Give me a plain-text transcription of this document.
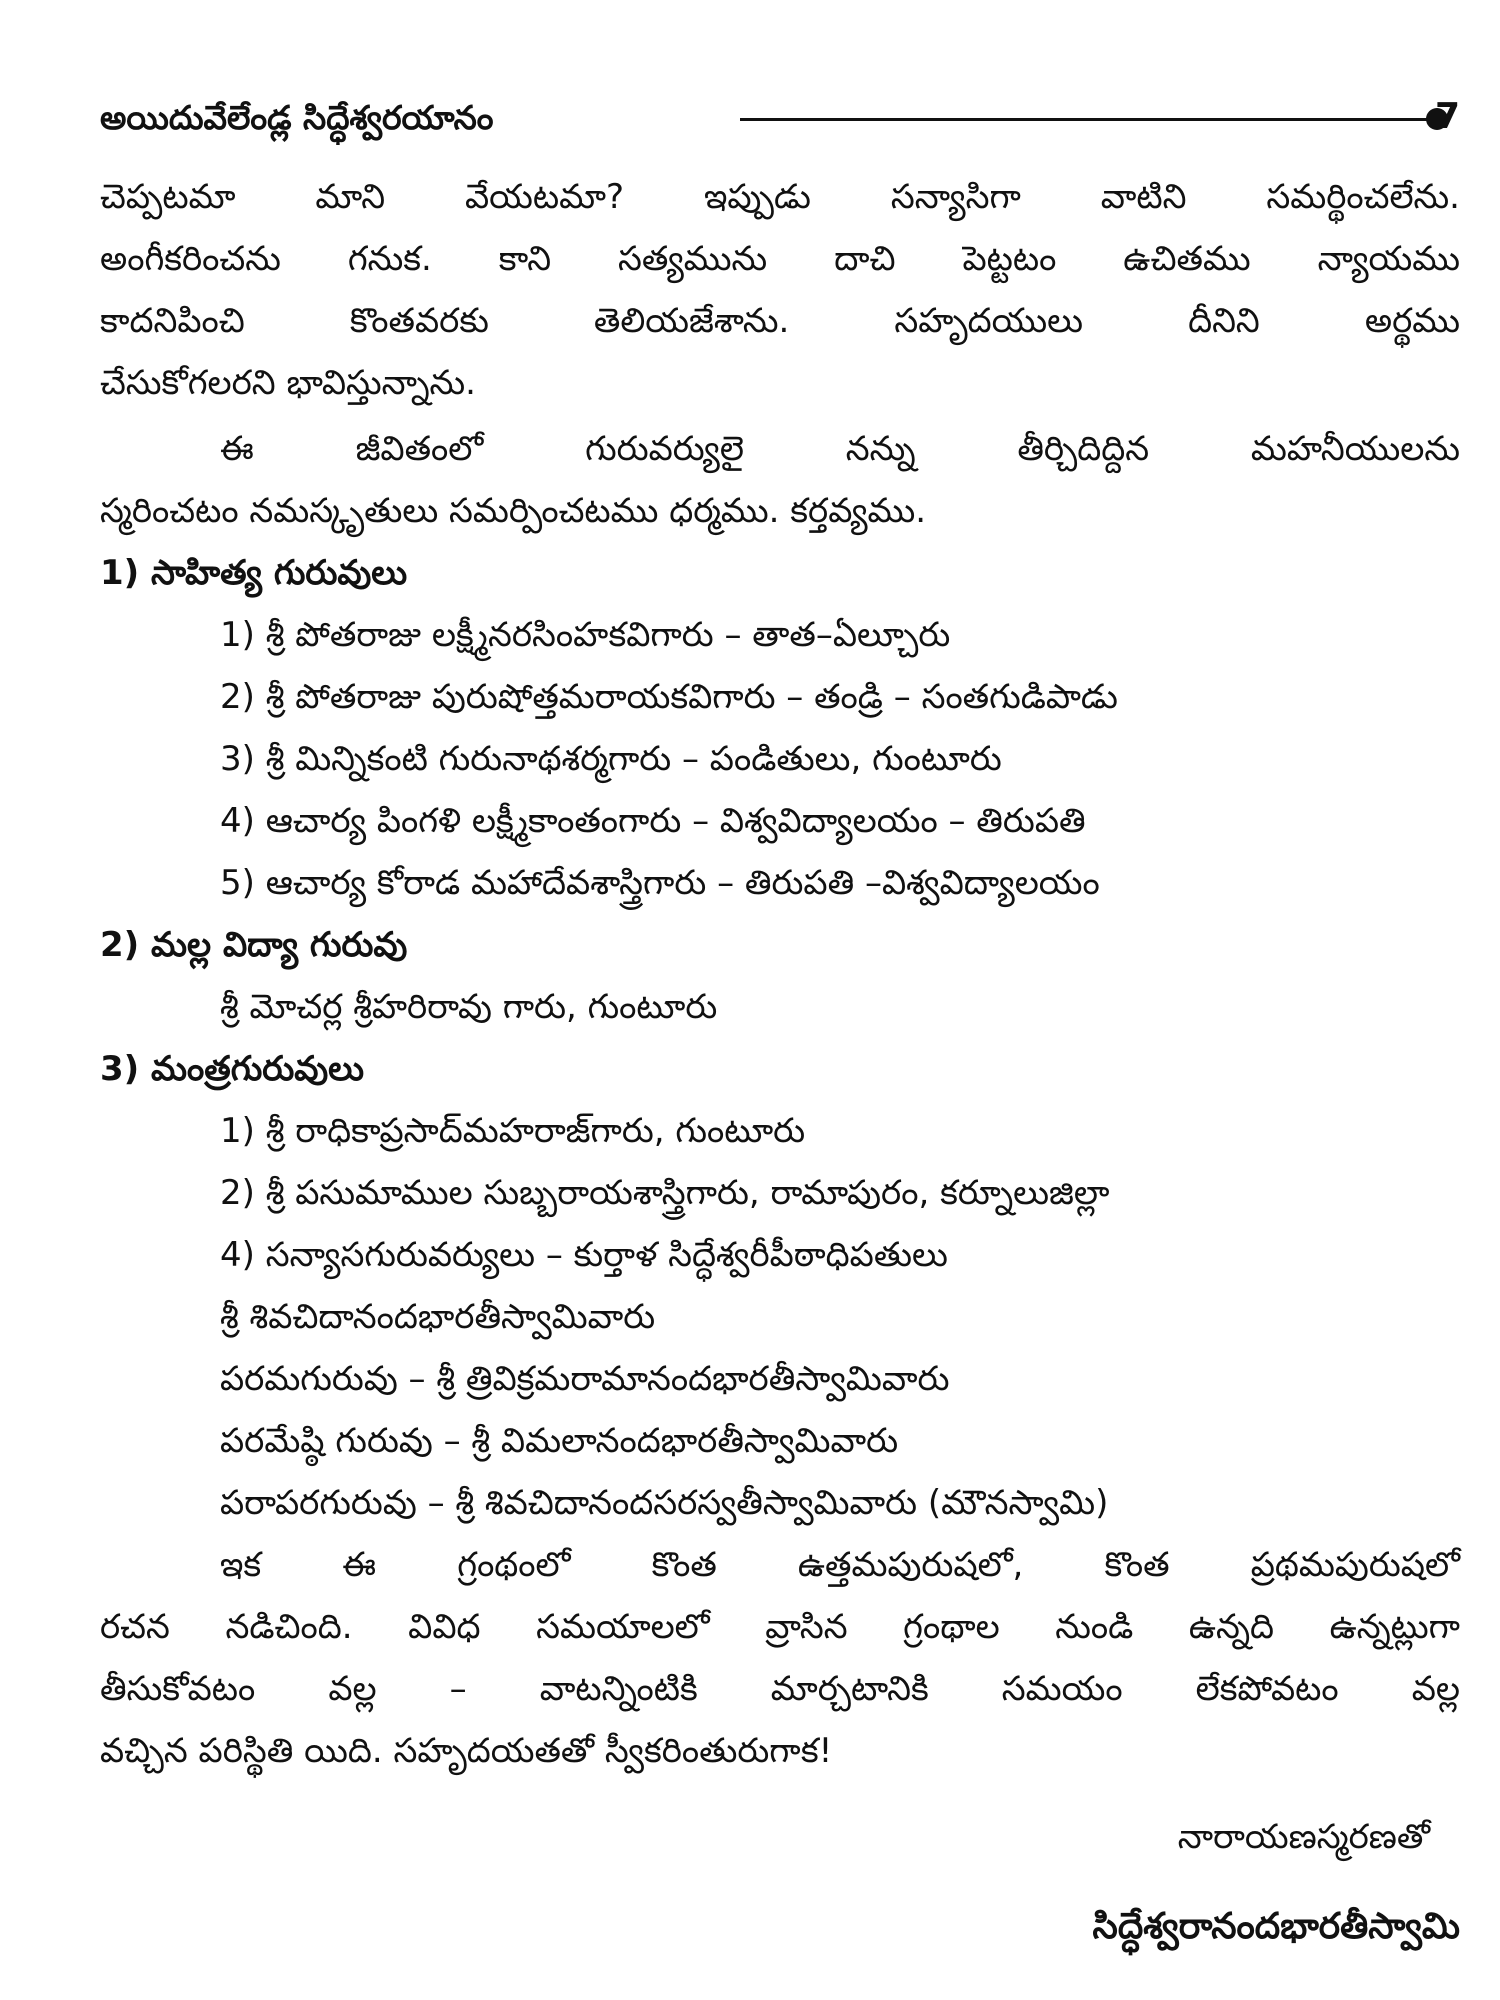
అయిదువేలేండ్ల సిద్ధేశ్వరయానం	7
చెప్పటమా మాని వేయటమా? ఇప్పుడు సన్యాసిగా వాటిని సమర్థించలేను.
అంగీకరించను గనుక. కాని సత్యమును దాచి పెట్టటం ఉచితము న్యాయము
కాదనిపించి కొంతవరకు తెలియజేశాను. సహృదయులు దీనిని అర్థము
చేసుకోగలరని భావిస్తున్నాను.
ఈ జీవితంలో గురువర్యులై నన్ను తీర్చిదిద్దిన మహనీయులను
స్మరించటం నమస్కృతులు సమర్పించటము ధర్మము. కర్తవ్యము.
1) సాహిత్య గురువులు
1) శ్రీ పోతరాజు లక్ష్మీనరసింహకవిగారు – తాత–ఏల్చూరు
2) శ్రీ పోతరాజు పురుషోత్తమరాయకవిగారు – తండ్రి – సంతగుడిపాడు
3) శ్రీ మిన్నికంటి గురునాథశర్మగారు – పండితులు, గుంటూరు
4) ఆచార్య పింగళి లక్ష్మీకాంతంగారు – విశ్వవిద్యాలయం – తిరుపతి
5) ఆచార్య కోరాడ మహాదేవశాస్త్రిగారు – తిరుపతి –విశ్వవిద్యాలయం
2) మల్ల విద్యా గురువు
శ్రీ మోచర్ల శ్రీహరిరావు గారు, గుంటూరు
3) మంత్రగురువులు
1) శ్రీ రాధికాప్రసాద్‌మహరాజ్‌గారు, గుంటూరు
2) శ్రీ పసుమాముల సుబ్బరాయశాస్త్రిగారు, రామాపురం, కర్నూలుజిల్లా
4) సన్యాసగురువర్యులు – కుర్తాళ సిద్ధేశ్వరీపీఠాధిపతులు
శ్రీ శివచిదానందభారతీస్వామివారు
పరమగురువు – శ్రీ త్రివిక్రమరామానందభారతీస్వామివారు
పరమేష్ఠి గురువు – శ్రీ విమలానందభారతీస్వామివారు
పరాపరగురువు – శ్రీ శివచిదానందసరస్వతీస్వామివారు (మౌనస్వామి)
ఇక ఈ గ్రంథంలో కొంత ఉత్తమపురుషలో, కొంత ప్రథమపురుషలో
రచన నడిచింది. వివిధ సమయాలలో వ్రాసిన గ్రంథాల నుండి ఉన్నది ఉన్నట్లుగా
తీసుకోవటం వల్ల – వాటన్నింటికి మార్చటానికి సమయం లేకపోవటం వల్ల
వచ్చిన పరిస్థితి యిది. సహృదయతతో స్వీకరింతురుగాక!
నారాయణస్మరణతో
సిద్ధేశ్వరానందభారతీస్వామి
